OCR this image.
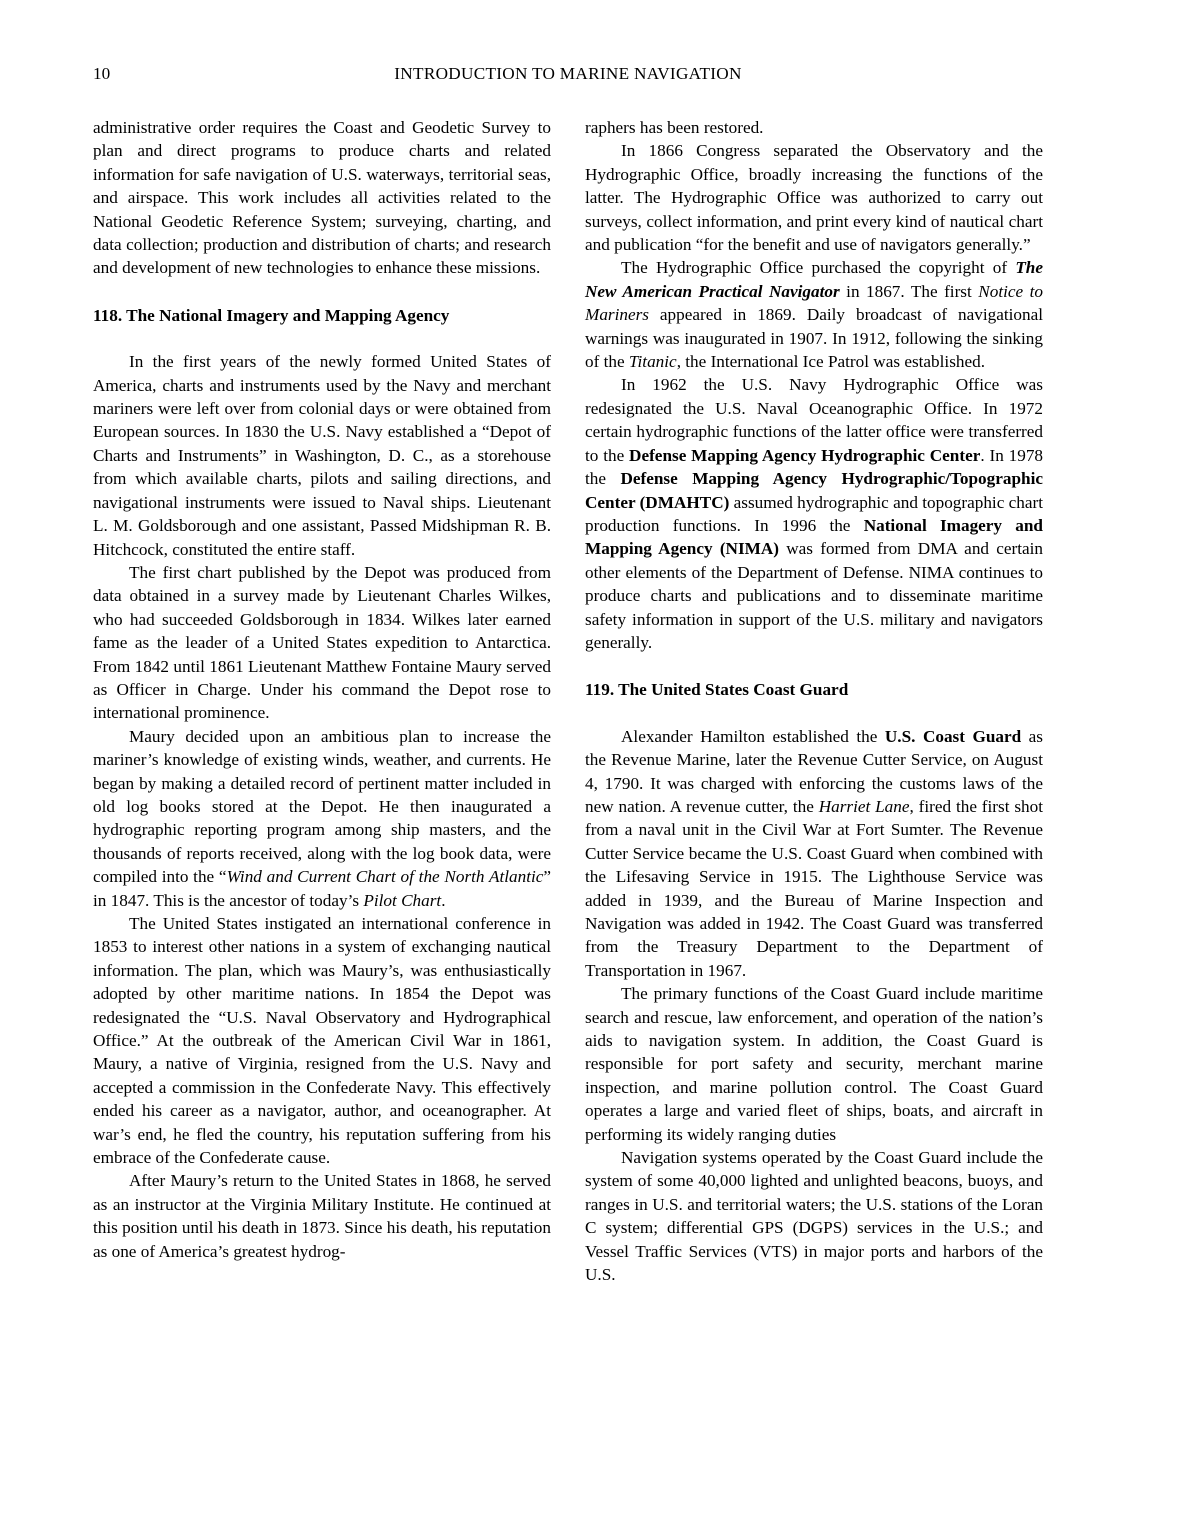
10	INTRODUCTION TO MARINE NAVIGATION

administrative order requires the Coast and Geodetic Survey to plan and direct programs to produce charts and related information for safe navigation of U.S. waterways, territorial seas, and airspace. This work includes all activities related to the National Geodetic Reference System; surveying, charting, and data collection; production and distribution of charts; and research and development of new technologies to enhance these missions.

118. The National Imagery and Mapping Agency

In the first years of the newly formed United States of America, charts and instruments used by the Navy and merchant mariners were left over from colonial days or were obtained from European sources. In 1830 the U.S. Navy established a “Depot of Charts and Instruments” in Washington, D. C., as a storehouse from which available charts, pilots and sailing directions, and navigational instruments were issued to Naval ships. Lieutenant L. M. Goldsborough and one assistant, Passed Midshipman R. B. Hitchcock, constituted the entire staff.

The first chart published by the Depot was produced from data obtained in a survey made by Lieutenant Charles Wilkes, who had succeeded Goldsborough in 1834. Wilkes later earned fame as the leader of a United States expedition to Antarctica. From 1842 until 1861 Lieutenant Matthew Fontaine Maury served as Officer in Charge. Under his command the Depot rose to international prominence.

Maury decided upon an ambitious plan to increase the mariner’s knowledge of existing winds, weather, and currents. He began by making a detailed record of pertinent matter included in old log books stored at the Depot. He then inaugurated a hydrographic reporting program among ship masters, and the thousands of reports received, along with the log book data, were compiled into the “Wind and Current Chart of the North Atlantic” in 1847. This is the ancestor of today’s Pilot Chart.

The United States instigated an international conference in 1853 to interest other nations in a system of exchanging nautical information. The plan, which was Maury’s, was enthusiastically adopted by other maritime nations. In 1854 the Depot was redesignated the “U.S. Naval Observatory and Hydrographical Office.” At the outbreak of the American Civil War in 1861, Maury, a native of Virginia, resigned from the U.S. Navy and accepted a commission in the Confederate Navy. This effectively ended his career as a navigator, author, and oceanographer. At war’s end, he fled the country, his reputation suffering from his embrace of the Confederate cause.

After Maury’s return to the United States in 1868, he served as an instructor at the Virginia Military Institute. He continued at this position until his death in 1873. Since his death, his reputation as one of America’s greatest hydrog-

raphers has been restored.

In 1866 Congress separated the Observatory and the Hydrographic Office, broadly increasing the functions of the latter. The Hydrographic Office was authorized to carry out surveys, collect information, and print every kind of nautical chart and publication “for the benefit and use of navigators generally.”

The Hydrographic Office purchased the copyright of The New American Practical Navigator in 1867. The first Notice to Mariners appeared in 1869. Daily broadcast of navigational warnings was inaugurated in 1907. In 1912, following the sinking of the Titanic, the International Ice Patrol was established.

In 1962 the U.S. Navy Hydrographic Office was redesignated the U.S. Naval Oceanographic Office. In 1972 certain hydrographic functions of the latter office were transferred to the Defense Mapping Agency Hydrographic Center. In 1978 the Defense Mapping Agency Hydrographic/Topographic Center (DMAHTC) assumed hydrographic and topographic chart production functions. In 1996 the National Imagery and Mapping Agency (NIMA) was formed from DMA and certain other elements of the Department of Defense. NIMA continues to produce charts and publications and to disseminate maritime safety information in support of the U.S. military and navigators generally.

119. The United States Coast Guard

Alexander Hamilton established the U.S. Coast Guard as the Revenue Marine, later the Revenue Cutter Service, on August 4, 1790. It was charged with enforcing the customs laws of the new nation. A revenue cutter, the Harriet Lane, fired the first shot from a naval unit in the Civil War at Fort Sumter. The Revenue Cutter Service became the U.S. Coast Guard when combined with the Lifesaving Service in 1915. The Lighthouse Service was added in 1939, and the Bureau of Marine Inspection and Navigation was added in 1942. The Coast Guard was transferred from the Treasury Department to the Department of Transportation in 1967.

The primary functions of the Coast Guard include maritime search and rescue, law enforcement, and operation of the nation’s aids to navigation system. In addition, the Coast Guard is responsible for port safety and security, merchant marine inspection, and marine pollution control. The Coast Guard operates a large and varied fleet of ships, boats, and aircraft in performing its widely ranging duties

Navigation systems operated by the Coast Guard include the system of some 40,000 lighted and unlighted beacons, buoys, and ranges in U.S. and territorial waters; the U.S. stations of the Loran C system; differential GPS (DGPS) services in the U.S.; and Vessel Traffic Services (VTS) in major ports and harbors of the U.S.
